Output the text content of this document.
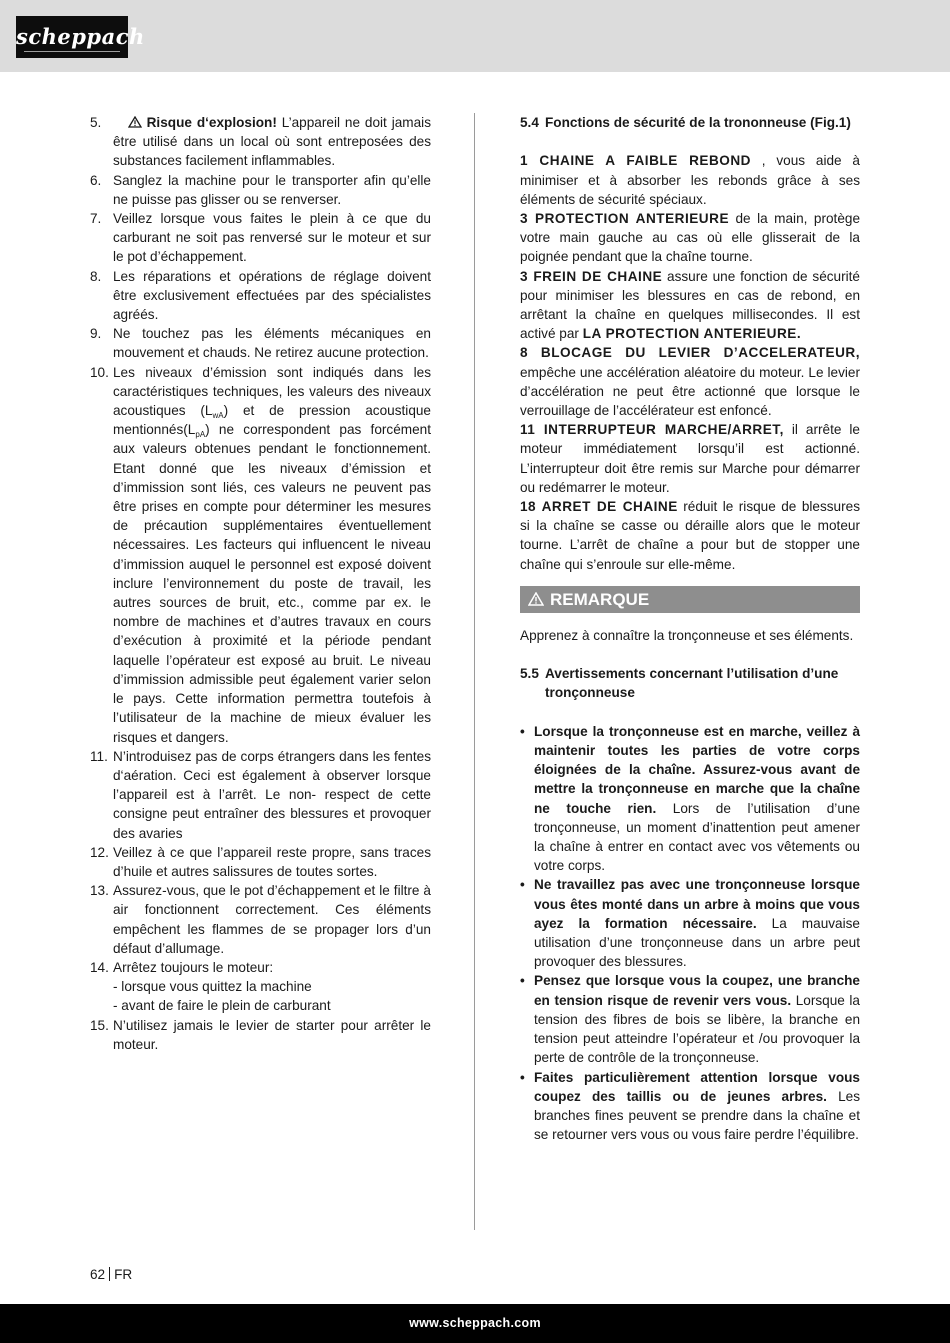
scheppach
5.	Risque d‘explosion! L’appareil ne doit jamais être utilisé dans un local où sont entreposées des substances facilement inflammables.
6. Sanglez la machine pour le transporter afin qu’elle ne puisse pas glisser ou se renverser.
7. Veillez lorsque vous faites le plein à ce que du carburant ne soit pas renversé sur le moteur et sur le pot d’échappement.
8. Les réparations et opérations de réglage doivent être exclusivement effectuées par des spécialistes agréés.
9. Ne touchez pas les éléments mécaniques en mouvement et chauds. Ne retirez aucune protection.
10. Les niveaux d’émission sont indiqués dans les caractéristiques techniques, les valeurs des niveaux acoustiques $(L_{wA})$ et de pression acoustique $mentionnés(L_{pA})$ ne correspondent pas forcément aux valeurs obtenues pendant le fonctionnement. Etant donné que les niveaux d’émission et d’immission sont liés, ces valeurs ne peuvent pas être prises en compte pour déterminer les mesures de précaution supplémentaires éventuellement nécessaires. Les facteurs qui influencent le niveau d’immission auquel le personnel est exposé doivent inclure l’environnement du poste de travail, les autres sources de bruit, etc., comme par ex. le nombre de machines et d’autres travaux en cours d’exécution à proximité et la période pendant laquelle l’opérateur est exposé au bruit. Le niveau d’immission admissible peut également varier selon le pays. Cette information permettra toutefois à l’utilisateur de la machine de mieux évaluer les risques et dangers.
11. N’introduisez pas de corps étrangers dans les fentes d‘aération. Ceci est également à observer lorsque l’appareil est à l’arrêt. Le non- respect de cette consigne peut entraîner des blessures et provoquer des avaries
12. Veillez à ce que l’appareil reste propre, sans traces d’huile et autres salissures de toutes sortes.
13. Assurez-vous, que le pot d’échappement et le filtre à air fonctionnent correctement. Ces éléments empêchent les flammes de se propager lors d’un défaut d’allumage.
14. Arrêtez toujours le moteur:
- lorsque vous quittez la machine
- avant de faire le plein de carburant
15. N’utilisez jamais le levier de starter pour arrêter le moteur.
5.4 Fonctions de sécurité de la trononneuse (Fig.1)
1 CHAINE A FAIBLE REBOND , vous aide à minimiser et à absorber les rebonds grâce à ses éléments de sécurité spéciaux.
3 PROTECTION ANTERIEURE de la main, protège votre main gauche au cas où elle glisserait de la poignée pendant que la chaîne tourne.
3 FREIN DE CHAINE assure une fonction de sécurité pour minimiser les blessures en cas de rebond, en arrêtant la chaîne en quelques millisecondes. Il est activé par LA PROTECTION ANTERIEURE.
8 BLOCAGE DU LEVIER D’ACCELERATEUR, empêche une accélération aléatoire du moteur. Le levier d’accélération ne peut être actionné que lorsque le verrouillage de l’accélérateur est enfoncé.
11 INTERRUPTEUR MARCHE/ARRET, il arrête le moteur immédiatement lorsqu’il est actionné. L’interrupteur doit être remis sur Marche pour démarrer ou redémarrer le moteur.
18 ARRET DE CHAINE réduit le risque de blessures si la chaîne se casse ou déraille alors que le moteur tourne. L’arrêt de chaîne a pour but de stopper une chaîne qui s’enroule sur elle-même.
REMARQUE
Apprenez à connaître la tronçonneuse et ses éléments.
5.5 Avertissements concernant l’utilisation d’une tronçonneuse
• Lorsque la tronçonneuse est en marche, veillez à maintenir toutes les parties de votre corps éloignées de la chaîne. Assurez-vous avant de mettre la tronçonneuse en marche que la chaîne ne touche rien. Lors de l’utilisation d’une tronçonneuse, un moment d’inattention peut amener la chaîne à entrer en contact avec vos vêtements ou votre corps.
• Ne travaillez pas avec une tronçonneuse lorsque vous êtes monté dans un arbre à moins que vous ayez la formation nécessaire. La mauvaise utilisation d’une tronçonneuse dans un arbre peut provoquer des blessures.
• Pensez que lorsque vous la coupez, une branche en tension risque de revenir vers vous. Lorsque la tension des fibres de bois se libère, la branche en tension peut atteindre l’opérateur et /ou provoquer la perte de contrôle de la tronçonneuse.
• Faites particulièrement attention lorsque vous coupez des taillis ou de jeunes arbres. Les branches fines peuvent se prendre dans la chaîne et se retourner vers vous ou vous faire perdre l’équilibre.
62 FR
www.scheppach.com
